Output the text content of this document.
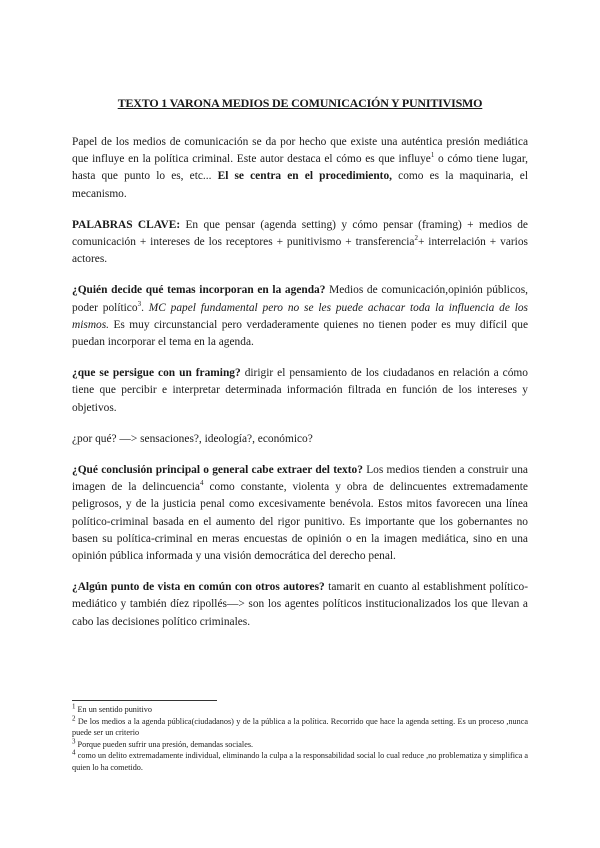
TEXTO 1 VARONA MEDIOS DE COMUNICACIÓN Y PUNITIVISMO

Papel de los medios de comunicación se da por hecho que existe una auténtica presión mediática que influye en la política criminal. Este autor destaca el cómo es que influye$^1$ o cómo tiene lugar, hasta que punto lo es, etc... El se centra en el procedimiento, como es la maquinaria, el mecanismo.

PALABRAS CLAVE: En que pensar (agenda setting) y cómo pensar (framing) + medios de comunicación + intereses de los receptores + punitivismo + transferencia$^2$+ interrelación + varios actores.

¿Quién decide qué temas incorporan en la agenda? Medios de comunicación,opinión públicos, poder político$^3$. MC papel fundamental pero no se les puede achacar toda la influencia de los mismos. Es muy circunstancial pero verdaderamente quienes no tienen poder es muy difícil que puedan incorporar el tema en la agenda.

¿que se persigue con un framing? dirigir el pensamiento de los ciudadanos en relación a cómo tiene que percibir e interpretar determinada información filtrada en función de los intereses y objetivos.

¿por qué? —> sensaciones?, ideología?, económico?

¿Qué conclusión principal o general cabe extraer del texto? Los medios tienden a construir una imagen de la delincuencia$^4$ como constante, violenta y obra de delincuentes extremadamente peligrosos, y de la justicia penal como excesivamente benévola. Estos mitos favorecen una línea político-criminal basada en el aumento del rigor punitivo. Es importante que los gobernantes no basen su política-criminal en meras encuestas de opinión o en la imagen mediática, sino en una opinión pública informada y una visión democrática del derecho penal.

¿Algún punto de vista en común con otros autores? tamarit en cuanto al establishment político-mediático y también díez ripollés—> son los agentes políticos institucionalizados los que llevan a cabo las decisiones político criminales.

$^1$ En un sentido punitivo
$^2$ De los medios a la agenda pública(ciudadanos) y de la pública a la política. Recorrido que hace la agenda setting. Es un proceso ,nunca puede ser un criterio
$^3$ Porque pueden sufrir una presión, demandas sociales.
$^4$ como un delito extremadamente individual, eliminando la culpa a la responsabilidad social lo cual reduce ,no problematiza y simplifica a quien lo ha cometido.
